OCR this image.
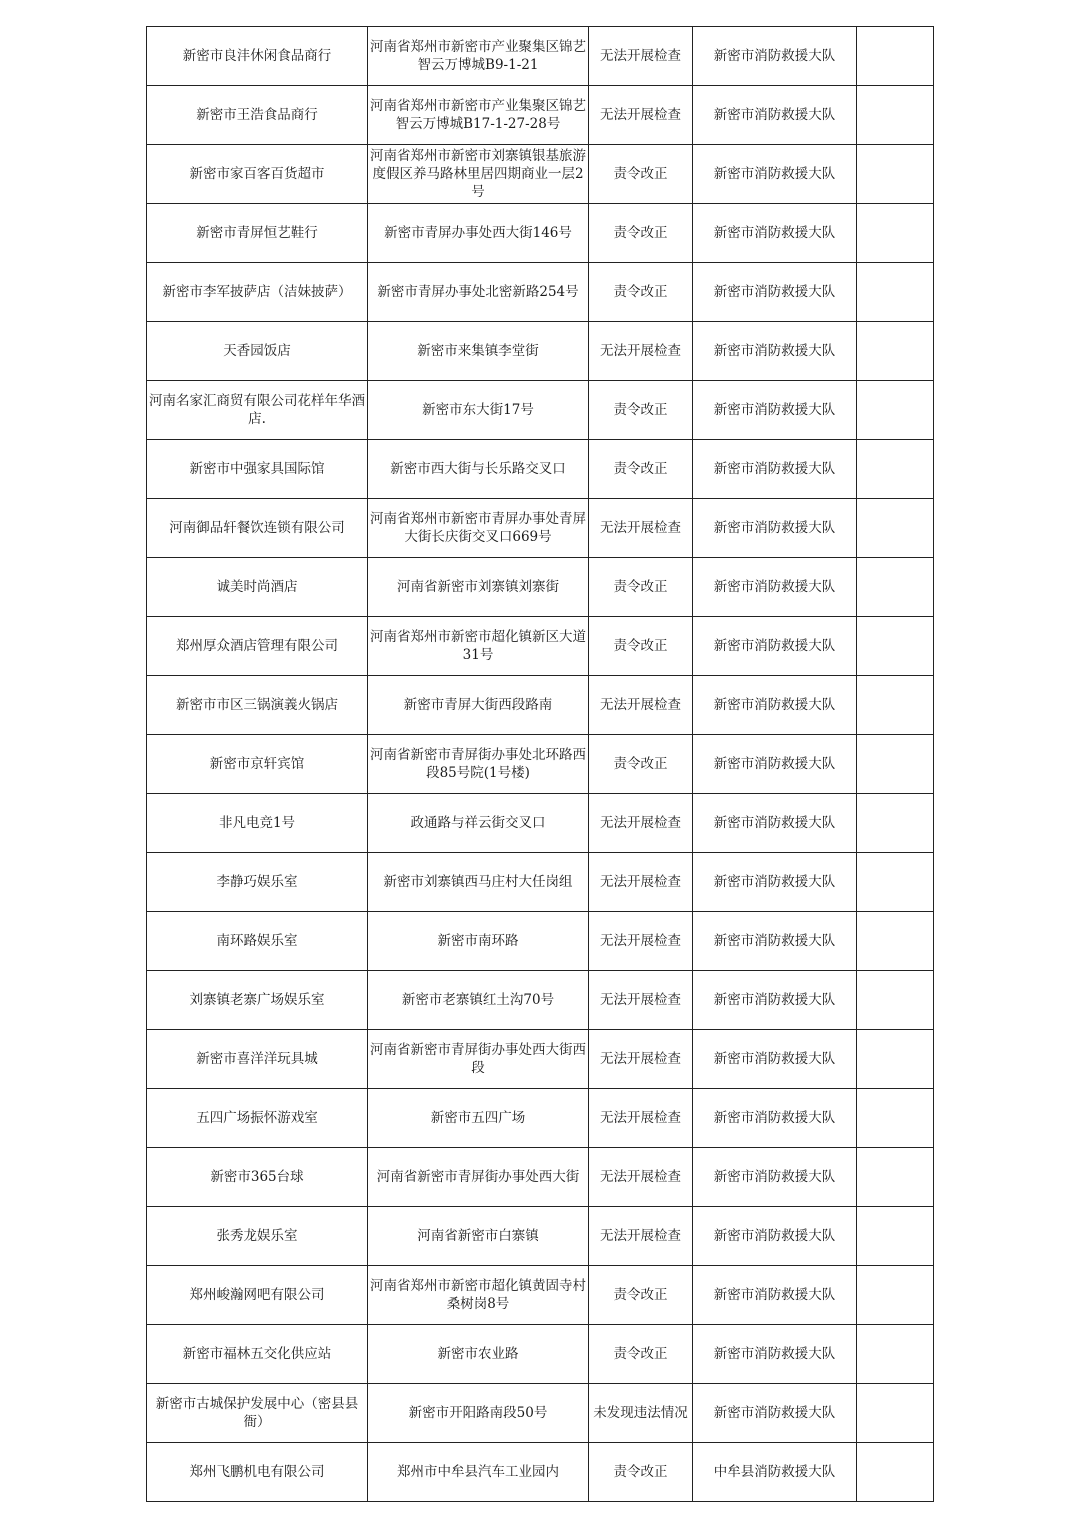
新密市良沣休闲食品商行	河南省郑州市新密市产业聚集区锦艺智云万博城B9-1-21	无法开展检查	新密市消防救援大队	
新密市王浩食品商行	河南省郑州市新密市产业集聚区锦艺智云万博城B17-1-27-28号	无法开展检查	新密市消防救援大队	
新密市家百客百货超市	河南省郑州市新密市刘寨镇银基旅游度假区养马路林里居四期商业一层2号	责令改正	新密市消防救援大队	
新密市青屏恒艺鞋行	新密市青屏办事处西大街146号	责令改正	新密市消防救援大队	
新密市李军披萨店（洁妹披萨）	新密市青屏办事处北密新路254号	责令改正	新密市消防救援大队	
天香园饭店	新密市来集镇李堂街	无法开展检查	新密市消防救援大队	
河南名家汇商贸有限公司花样年华酒店.	新密市东大街17号	责令改正	新密市消防救援大队	
新密市中强家具国际馆	新密市西大街与长乐路交叉口	责令改正	新密市消防救援大队	
河南御品轩餐饮连锁有限公司	河南省郑州市新密市青屏办事处青屏大街长庆街交叉口669号	无法开展检查	新密市消防救援大队	
诚美时尚酒店	河南省新密市刘寨镇刘寨街	责令改正	新密市消防救援大队	
郑州厚众酒店管理有限公司	河南省郑州市新密市超化镇新区大道31号	责令改正	新密市消防救援大队	
新密市市区三锅演義火锅店	新密市青屏大街西段路南	无法开展检查	新密市消防救援大队	
新密市京轩宾馆	河南省新密市青屏街办事处北环路西段85号院(1号楼)	责令改正	新密市消防救援大队	
非凡电竞1号	政通路与祥云街交叉口	无法开展检查	新密市消防救援大队	
李静巧娱乐室	新密市刘寨镇西马庄村大任岗组	无法开展检查	新密市消防救援大队	
南环路娱乐室	新密市南环路	无法开展检查	新密市消防救援大队	
刘寨镇老寨广场娱乐室	新密市老寨镇红土沟70号	无法开展检查	新密市消防救援大队	
新密市喜洋洋玩具城	河南省新密市青屏街办事处西大街西段	无法开展检查	新密市消防救援大队	
五四广场振怀游戏室	新密市五四广场	无法开展检查	新密市消防救援大队	
新密市365台球	河南省新密市青屏街办事处西大街	无法开展检查	新密市消防救援大队	
张秀龙娱乐室	河南省新密市白寨镇	无法开展检查	新密市消防救援大队	
郑州峻瀚网吧有限公司	河南省郑州市新密市超化镇黄固寺村桑树岗8号	责令改正	新密市消防救援大队	
新密市福林五交化供应站	新密市农业路	责令改正	新密市消防救援大队	
新密市古城保护发展中心（密县县衙）	新密市开阳路南段50号	未发现违法情况	新密市消防救援大队	
郑州飞鹏机电有限公司	郑州市中牟县汽车工业园内	责令改正	中牟县消防救援大队	
